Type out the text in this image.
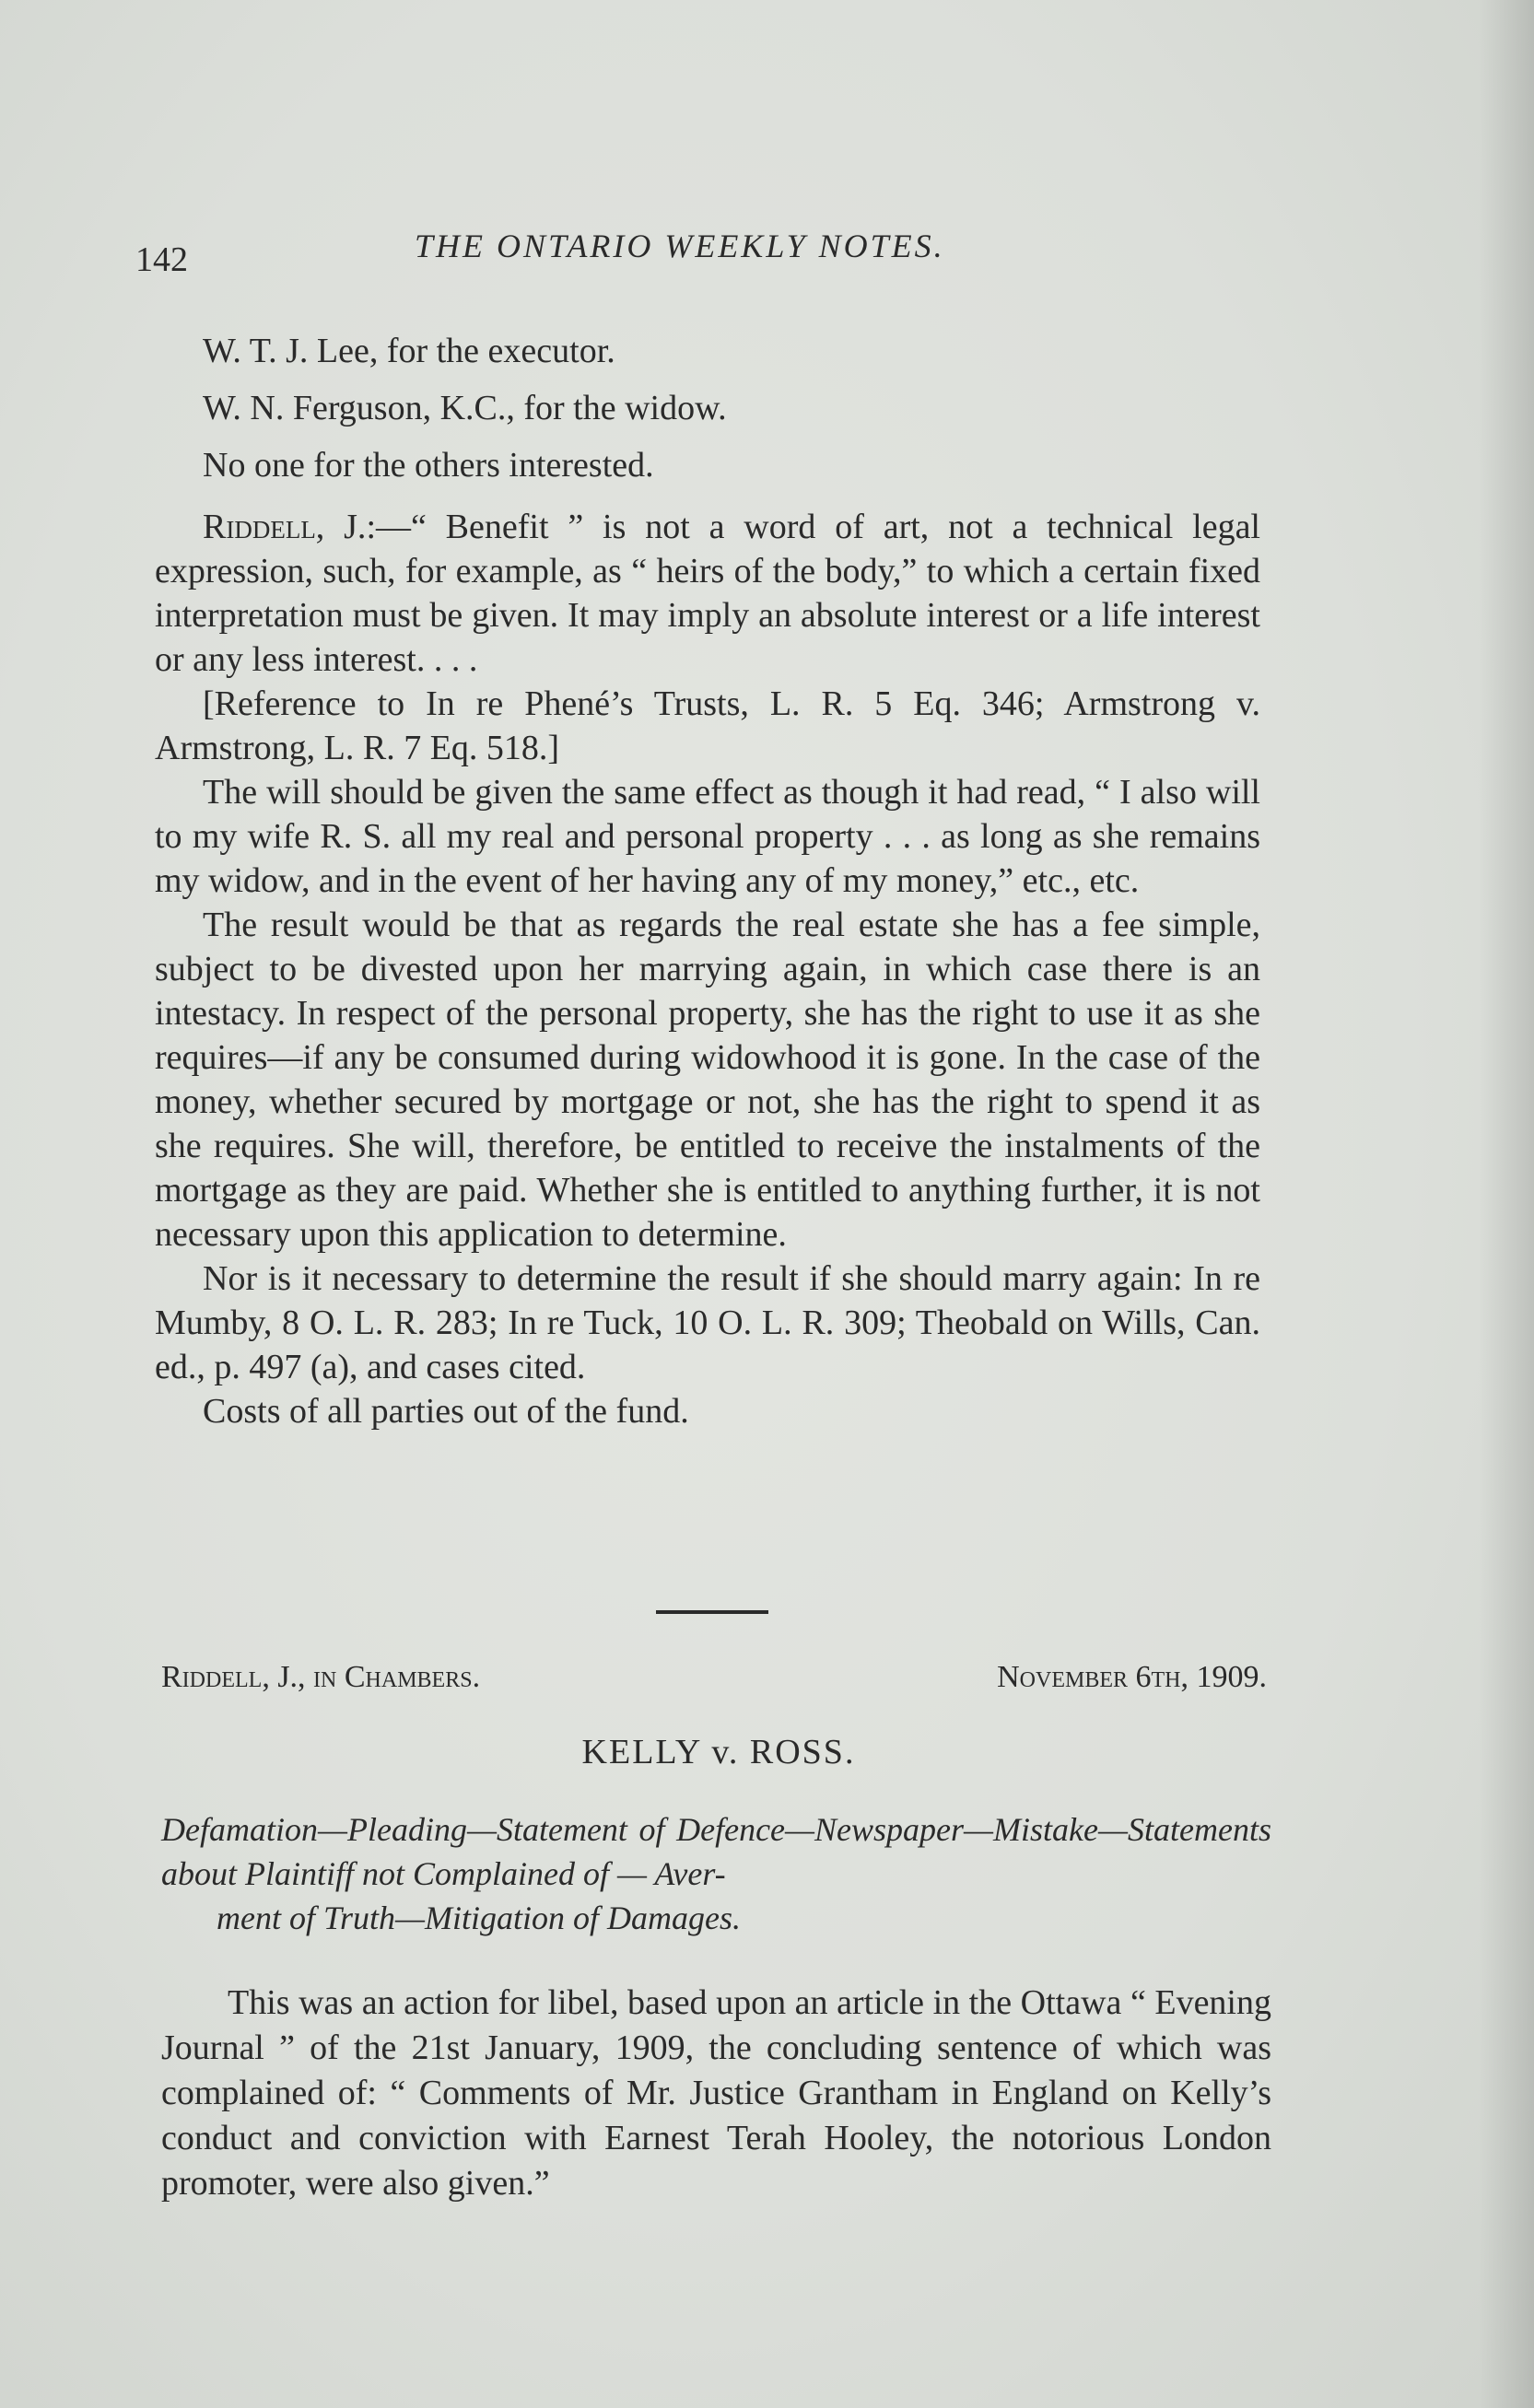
142	THE ONTARIO WEEKLY NOTES.

W. T. J. Lee, for the executor.

W. N. Ferguson, K.C., for the widow.

No one for the others interested.

Riddell, J.:—“ Benefit ” is not a word of art, not a technical legal expression, such, for example, as “ heirs of the body,” to which a certain fixed interpretation must be given. It may imply an absolute interest or a life interest or any less interest. . . .

[Reference to In re Phené’s Trusts, L. R. 5 Eq. 346; Armstrong v. Armstrong, L. R. 7 Eq. 518.]

The will should be given the same effect as though it had read, “ I also will to my wife R. S. all my real and personal property . . . as long as she remains my widow, and in the event of her having any of my money,” etc., etc.

The result would be that as regards the real estate she has a fee simple, subject to be divested upon her marrying again, in which case there is an intestacy. In respect of the personal property, she has the right to use it as she requires—if any be consumed during widowhood it is gone. In the case of the money, whether secured by mortgage or not, she has the right to spend it as she requires. She will, therefore, be entitled to receive the instalments of the mortgage as they are paid. Whether she is entitled to anything further, it is not necessary upon this application to determine.

Nor is it necessary to determine the result if she should marry again: In re Mumby, 8 O. L. R. 283; In re Tuck, 10 O. L. R. 309; Theobald on Wills, Can. ed., p. 497 (a), and cases cited.

Costs of all parties out of the fund.

Riddell, J., in Chambers.	November 6th, 1909.
KELLY v. ROSS.

Defamation—Pleading—Statement of Defence—Newspaper—Mistake—Statements about Plaintiff not Complained of — Aver-
ment of Truth—Mitigation of Damages.

This was an action for libel, based upon an article in the Ottawa “ Evening Journal ” of the 21st January, 1909, the concluding sentence of which was complained of: “ Comments of Mr. Justice Grantham in England on Kelly’s conduct and conviction with Earnest Terah Hooley, the notorious London promoter, were also given.”
